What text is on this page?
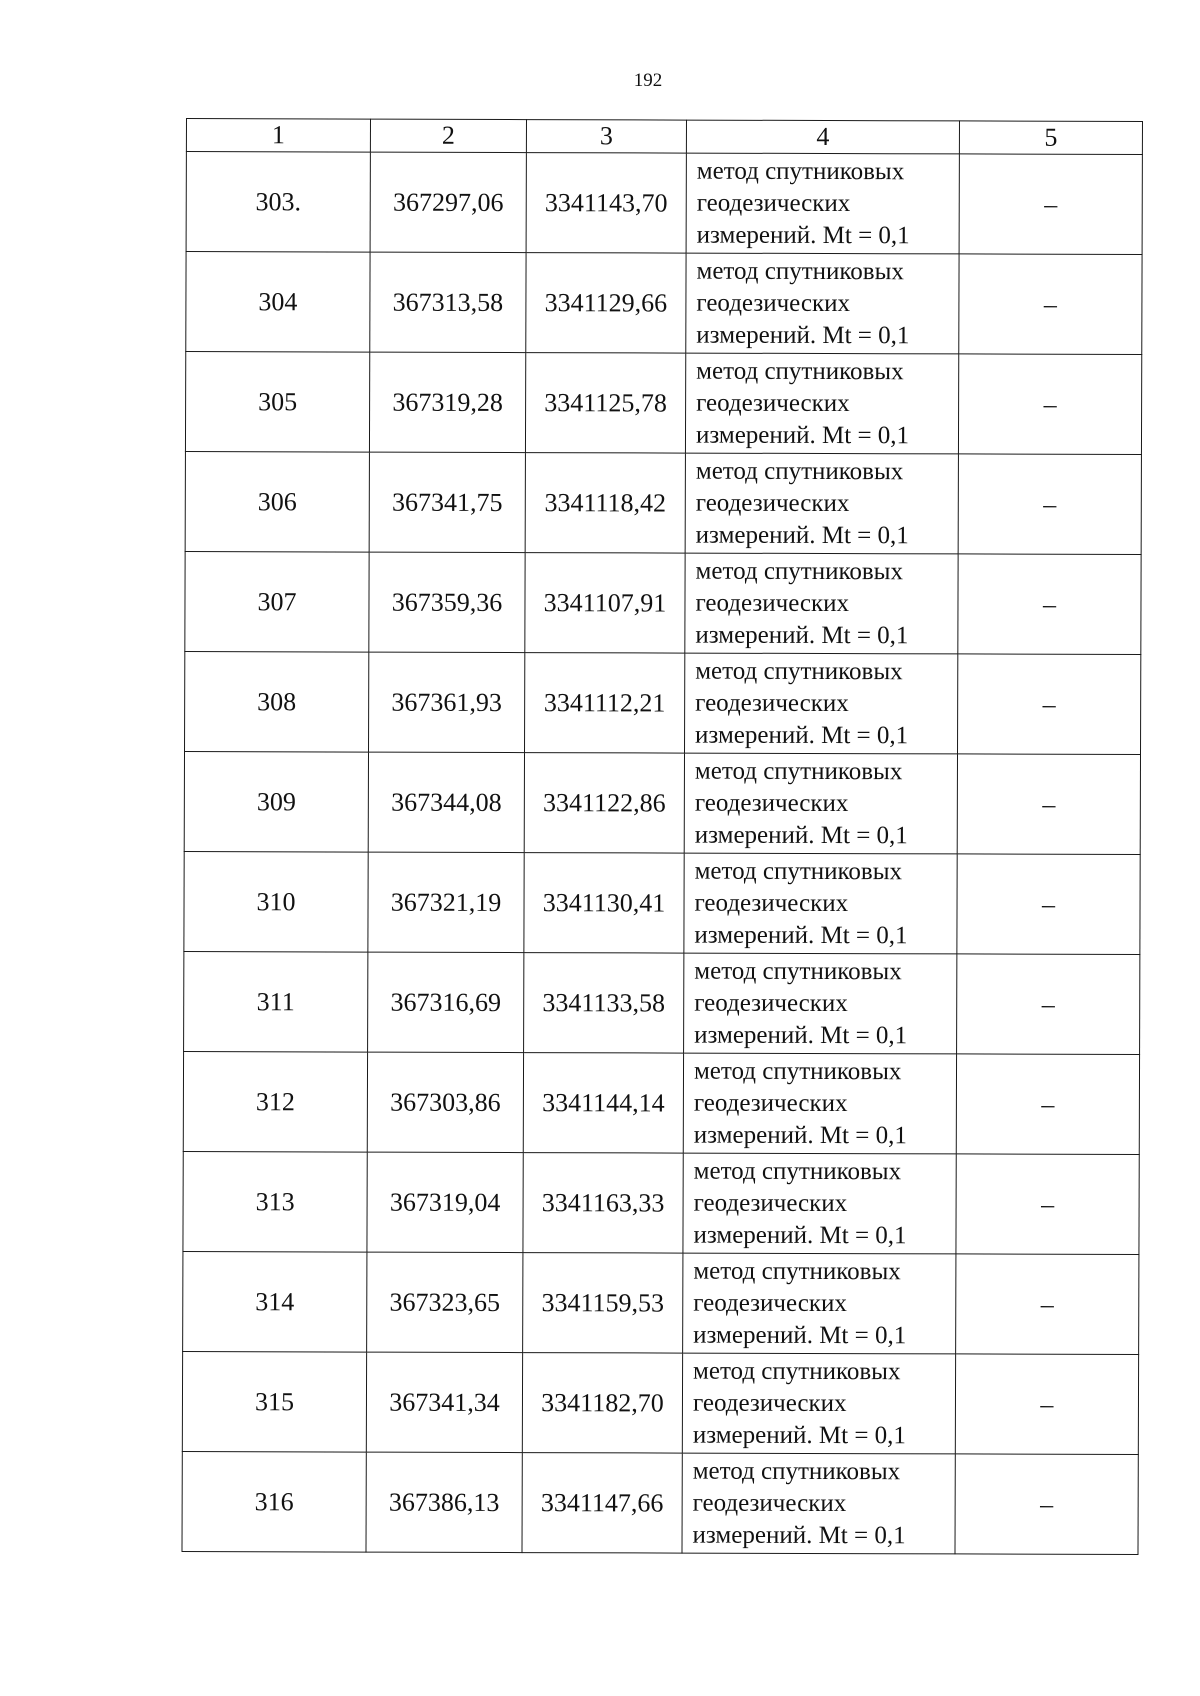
192
1	2	3	4	5
303.	367297,06	3341143,70	метод спутниковых
геодезических
измерений. Mt = 0,1	–
304	367313,58	3341129,66	метод спутниковых
геодезических
измерений. Mt = 0,1	–
305	367319,28	3341125,78	метод спутниковых
геодезических
измерений. Mt = 0,1	–
306	367341,75	3341118,42	метод спутниковых
геодезических
измерений. Mt = 0,1	–
307	367359,36	3341107,91	метод спутниковых
геодезических
измерений. Mt = 0,1	–
308	367361,93	3341112,21	метод спутниковых
геодезических
измерений. Mt = 0,1	–
309	367344,08	3341122,86	метод спутниковых
геодезических
измерений. Mt = 0,1	–
310	367321,19	3341130,41	метод спутниковых
геодезических
измерений. Mt = 0,1	–
311	367316,69	3341133,58	метод спутниковых
геодезических
измерений. Mt = 0,1	–
312	367303,86	3341144,14	метод спутниковых
геодезических
измерений. Mt = 0,1	–
313	367319,04	3341163,33	метод спутниковых
геодезических
измерений. Mt = 0,1	–
314	367323,65	3341159,53	метод спутниковых
геодезических
измерений. Mt = 0,1	–
315	367341,34	3341182,70	метод спутниковых
геодезических
измерений. Mt = 0,1	–
316	367386,13	3341147,66	метод спутниковых
геодезических
измерений. Mt = 0,1	–
